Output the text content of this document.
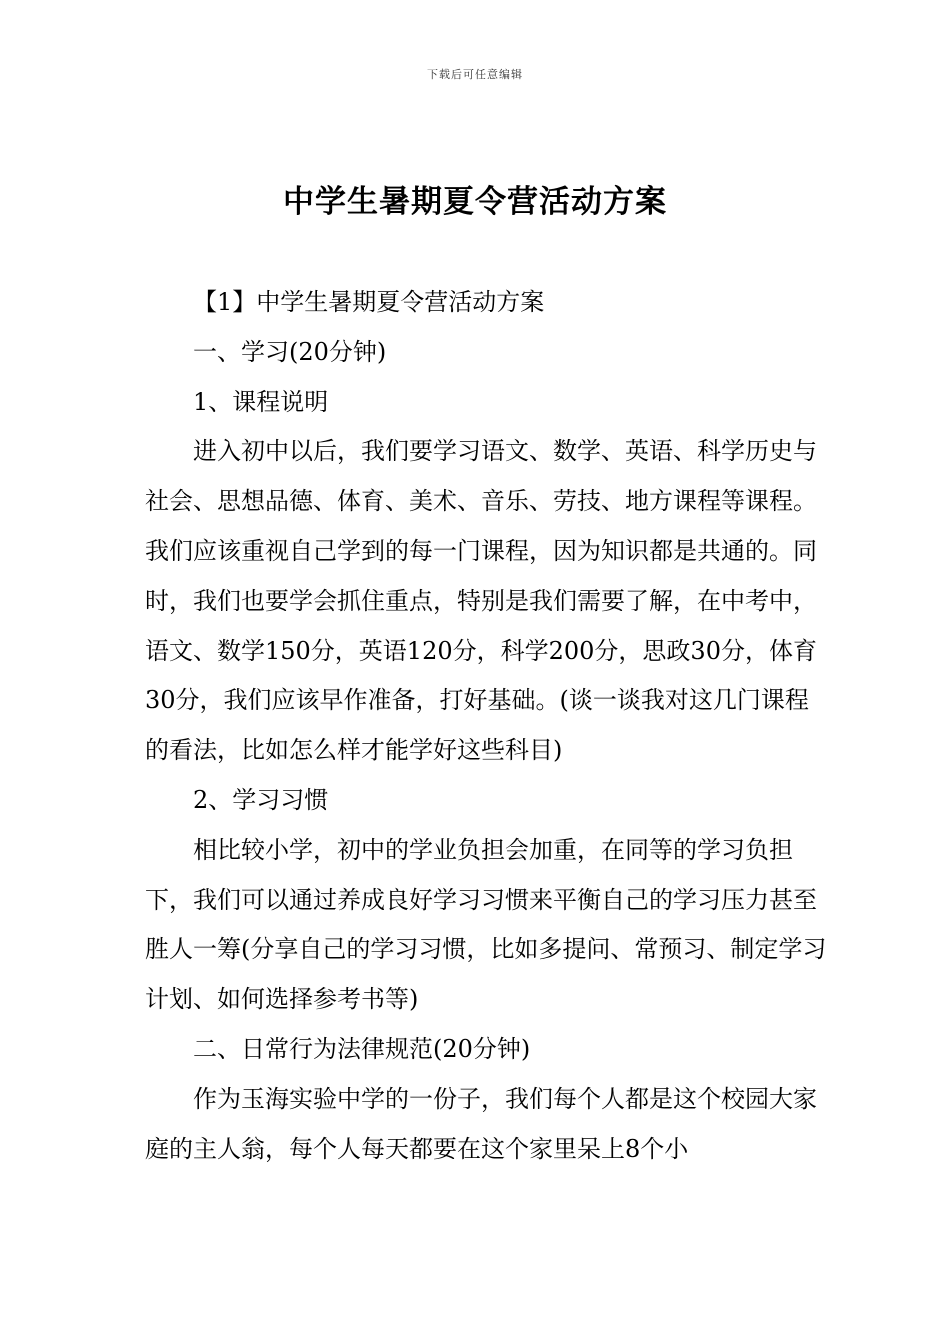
下载后可任意编辑
中学生暑期夏令营活动方案

【1】中学生暑期夏令营活动方案

一、学习(20分钟)

1、课程说明

进入初中以后，我们要学习语文、数学、英语、科学历史与社会、思想品德、体育、美术、音乐、劳技、地方课程等课程。我们应该重视自己学到的每一门课程，因为知识都是共通的。同时，我们也要学会抓住重点，特别是我们需要了解，在中考中，语文、数学150分，英语120分，科学200分，思政30分，体育30分，我们应该早作准备，打好基础。(谈一谈我对这几门课程的看法，比如怎么样才能学好这些科目)

2、学习习惯

相比较小学，初中的学业负担会加重，在同等的学习负担下，我们可以通过养成良好学习习惯来平衡自己的学习压力甚至胜人一筹(分享自己的学习习惯，比如多提问、常预习、制定学习计划、如何选择参考书等)

二、日常行为法律规范(20分钟)

作为玉海实验中学的一份子，我们每个人都是这个校园大家庭的主人翁，每个人每天都要在这个家里呆上8个小
